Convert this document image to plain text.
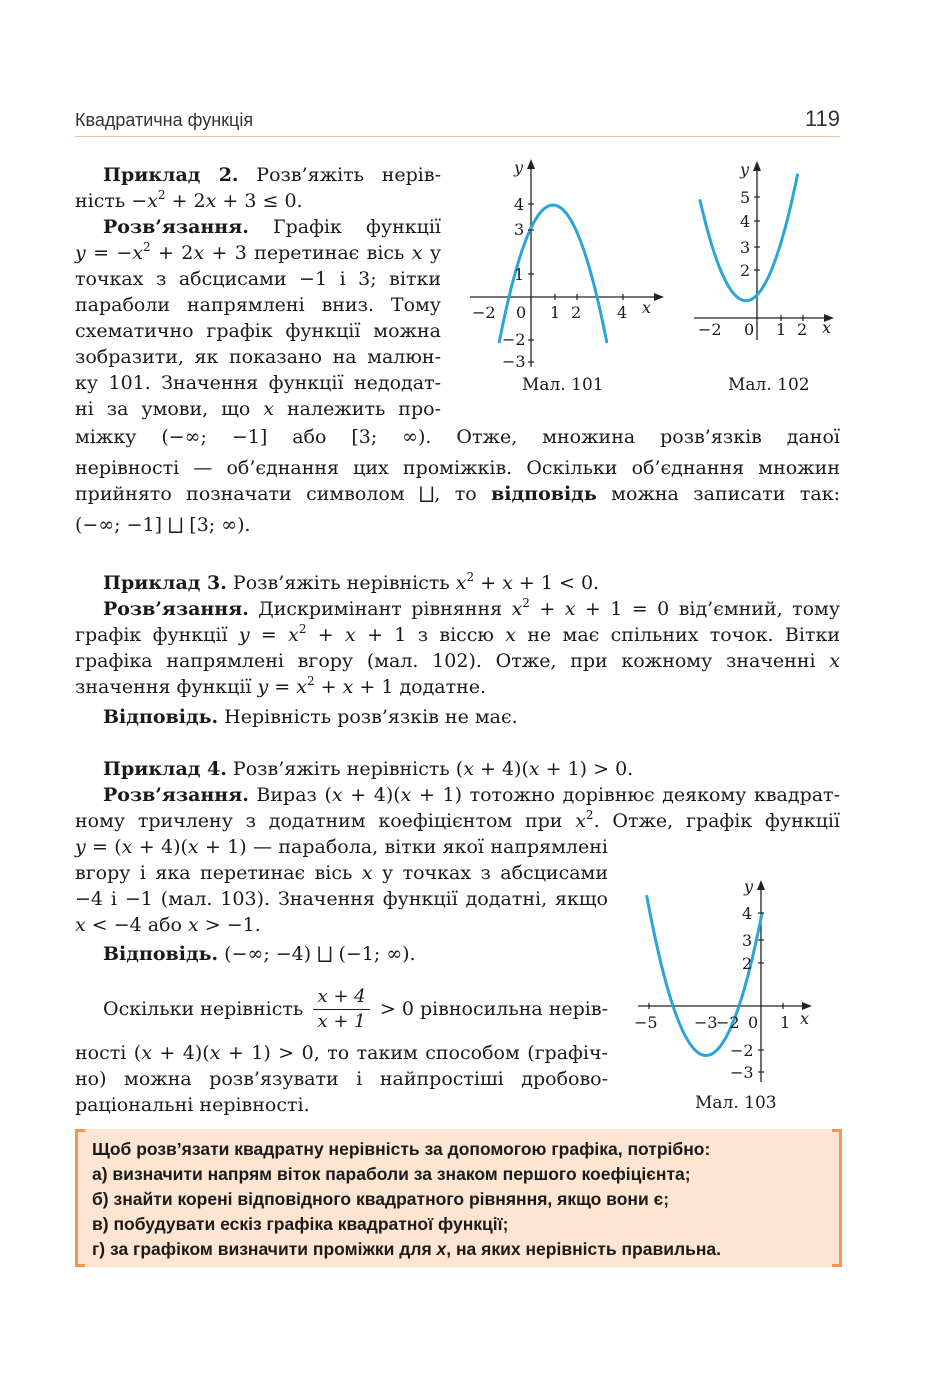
Квадратична функція	119
Приклад 2. Розв’яжіть нерів-
ність $-x^2 + 2x + 3 \le 0$.
Розв’язання. Графік функції
$y = -x^2 + 2x + 3$ перетинає вісь x у
точках з абсцисами −1 і 3; вітки
параболи напрямлені вниз. Тому
схематично графік функції можна
зобразити, як показано на малюн-
ку 101. Значення функції недодат-
ні за умови, що x належить про-
міжку (−∞; −1] або [3; ∞). Отже, множина розв’язків даної
нерівності — об’єднання цих проміжків. Оскільки об’єднання множин
прийнято позначати символом ⨆, то відповідь можна записати так:
(−∞; −1] ⨆ [3; ∞).
y
x
−2 0 1 2 4
4
3
1
−2
−3
Мал. 101
y
x
−2 0 1 2
5
4
3
2
Мал. 102
Приклад 3. Розв’яжіть нерівність $x^2 + x + 1 < 0$.
Розв’язання. Дискримінант рівняння $x^2 + x + 1 = 0$ від’ємний, тому
графік функції $y = x^2 + x + 1$ з віссю x не має спільних точок. Вітки
графіка напрямлені вгору (мал. 102). Отже, при кожному значенні x
значення функції $y = x^2 + x + 1$ додатне.
Відповідь. Нерівність розв’язків не має.
Приклад 4. Розв’яжіть нерівність (x + 4)(x + 1) > 0.
Розв’язання. Вираз (x + 4)(x + 1) тотожно дорівнює деякому квадрат-
ному тричлену з додатним коефіцієнтом при $x^2$. Отже, графік функції
y = (x + 4)(x + 1) — парабола, вітки якої напрямлені
вгору і яка перетинає вісь x у точках з абсцисами
−4 і −1 (мал. 103). Значення функції додатні, якщо
x < −4 або x > −1.
Відповідь. (−∞; −4) ⨆ (−1; ∞).
Оскільки нерівність $\frac{x + 4}{x + 1} > 0$ рівносильна нерів-
ності (x + 4)(x + 1) > 0, то таким способом (графіч-
но) можна розв’язувати і найпростіші дробово-
раціональні нерівності.
y
x
−5 −3
−2 0 1
4
3
2
−2
−3
Мал. 103
Щоб розв’язати квадратну нерівність за допомогою графіка, потрібно:
а) визначити напрям віток параболи за знаком першого коефіцієнта;
б) знайти корені відповідного квадратного рівняння, якщо вони є;
в) побудувати ескіз графіка квадратної функції;
г) за графіком визначити проміжки для x, на яких нерівність правильна.
